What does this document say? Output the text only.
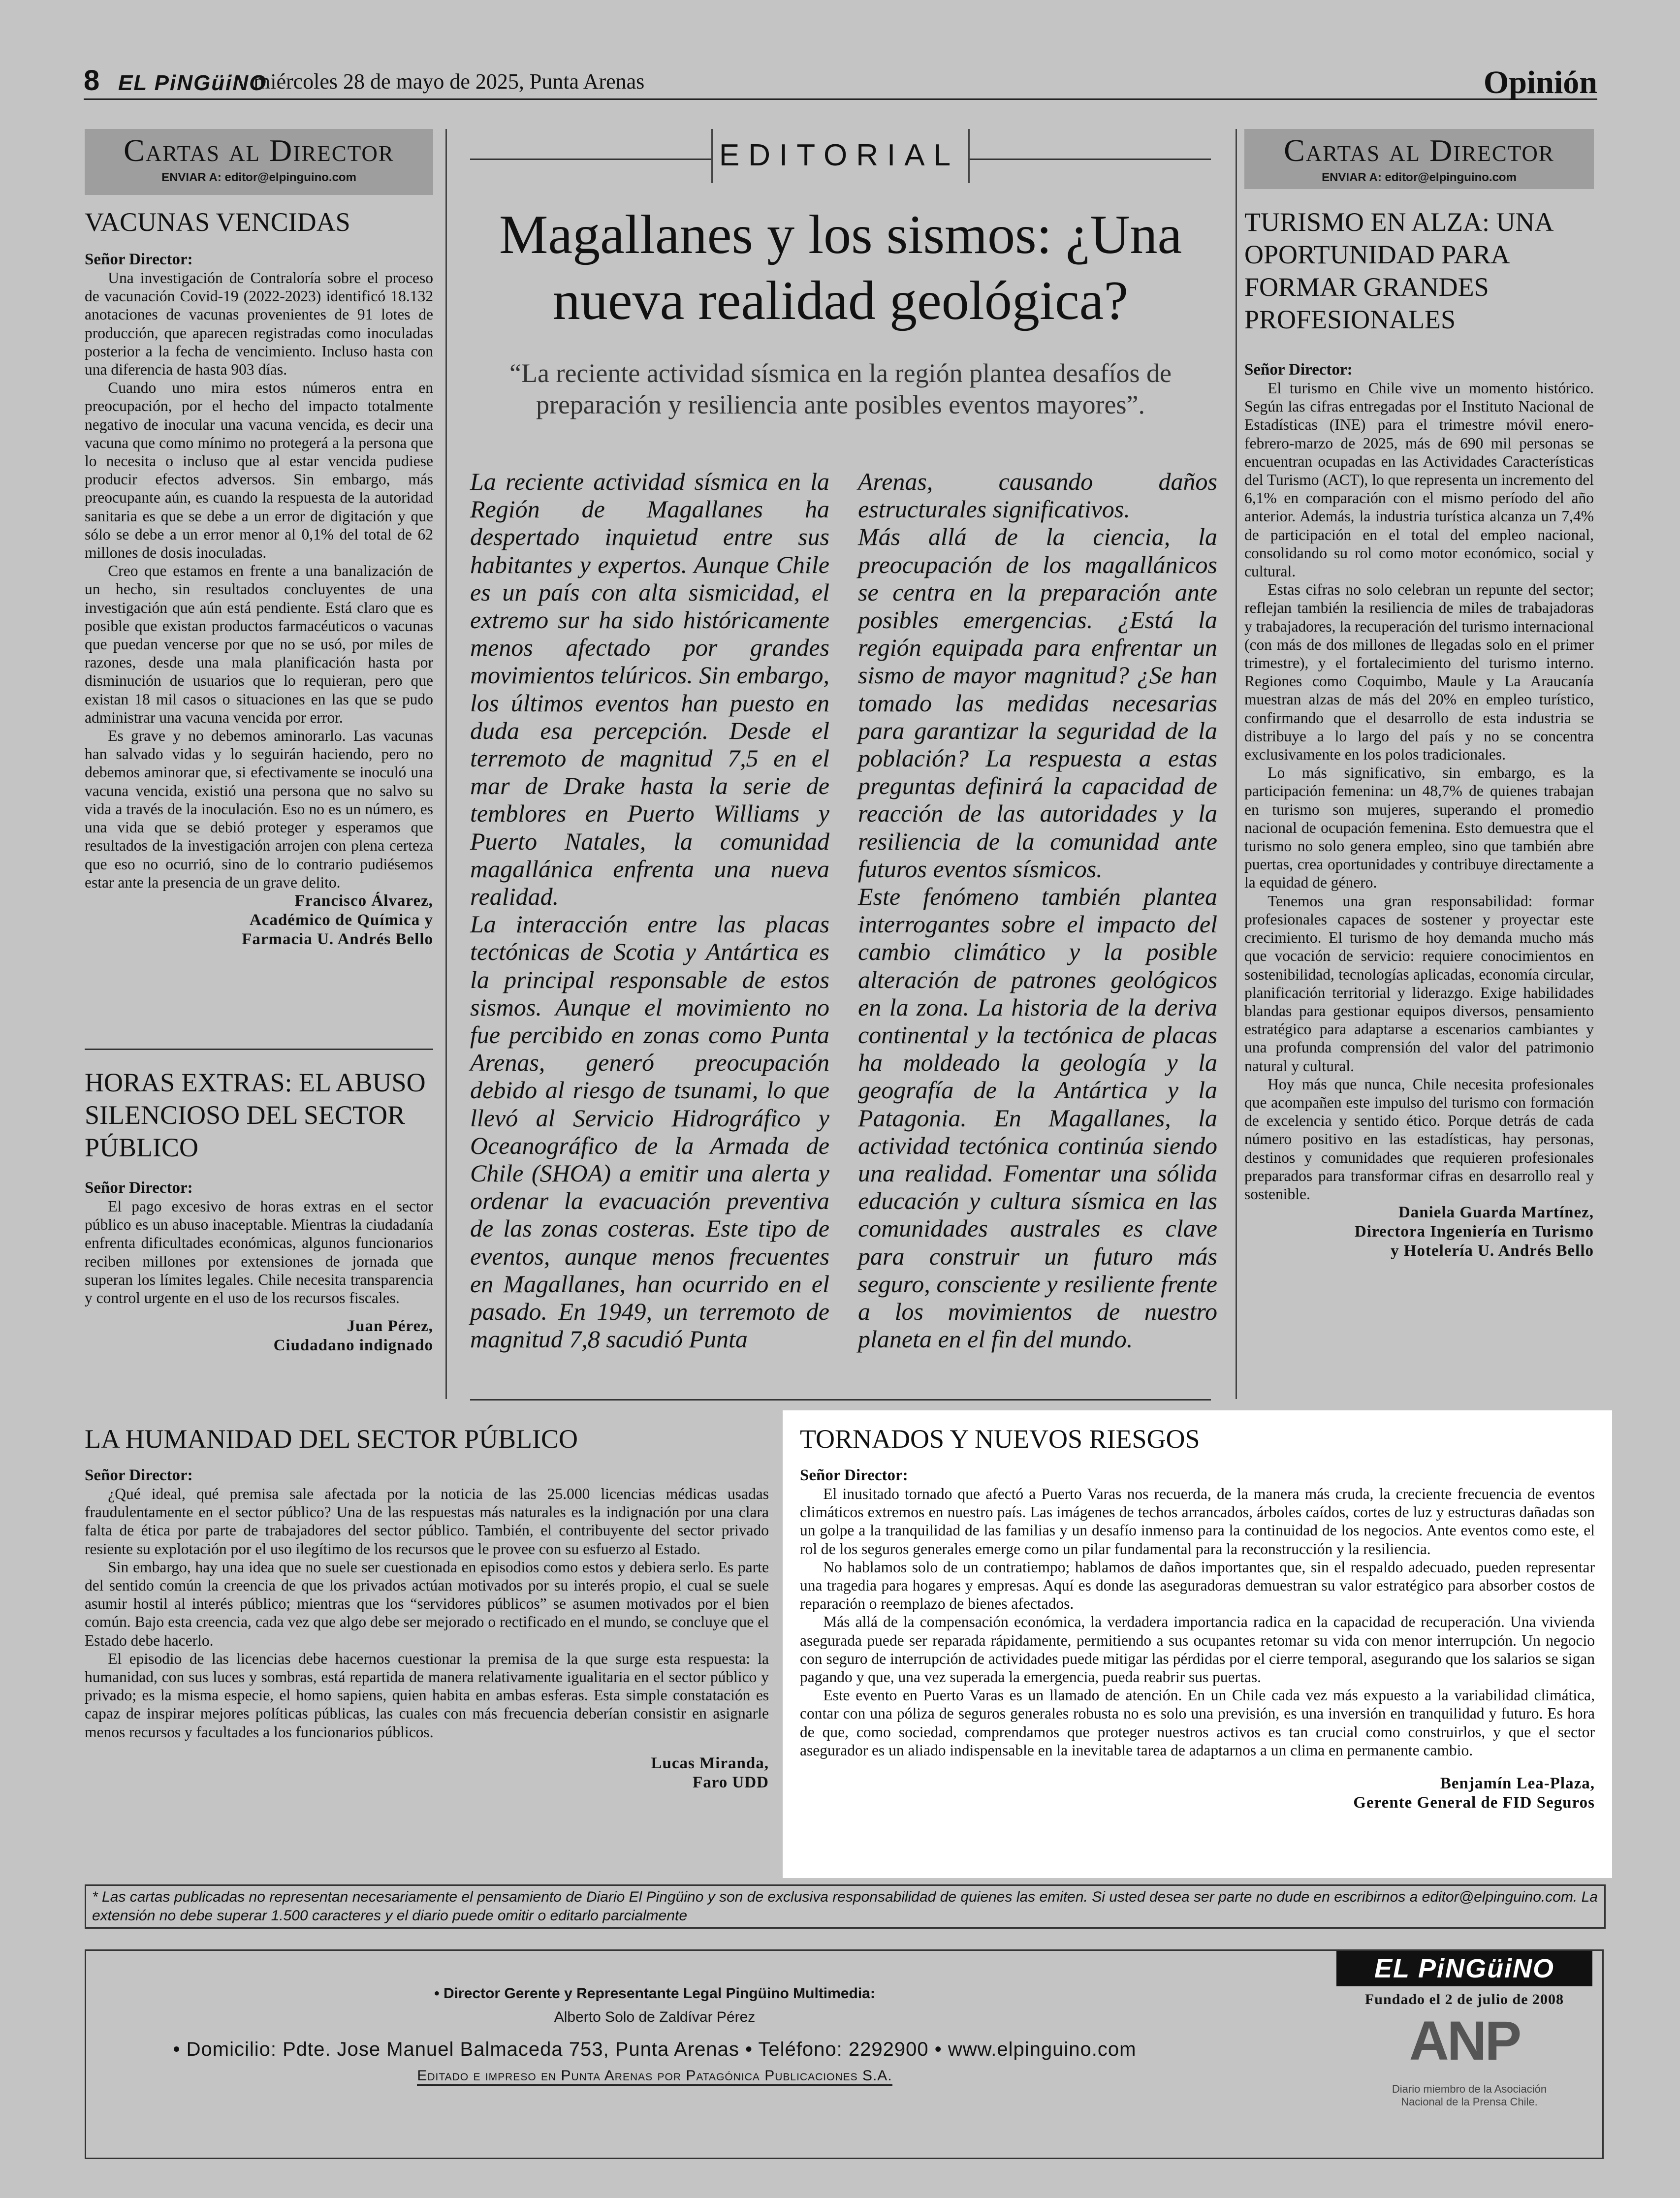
8 EL PiNGüiNO
miércoles 28 de mayo de 2025, Punta Arenas	Opinión
Cartas al Director
ENVIAR A: editor@elpinguino.com
VACUNAS VENCIDAS
Señor Director:

Una investigación de Contraloría sobre el proceso de vacunación Covid-19 (2022-2023) identificó 18.132 anotaciones de vacunas provenientes de 91 lotes de producción, que aparecen registradas como inoculadas posterior a la fecha de vencimiento. Incluso hasta con una diferencia de hasta 903 días.

Cuando uno mira estos números entra en preocupación, por el hecho del impacto totalmente negativo de inocular una vacuna vencida, es decir una vacuna que como mínimo no protegerá a la persona que lo necesita o incluso que al estar vencida pudiese producir efectos adversos. Sin embargo, más preocupante aún, es cuando la respuesta de la autoridad sanitaria es que se debe a un error de digitación y que sólo se debe a un error menor al 0,1% del total de 62 millones de dosis inoculadas.

Creo que estamos en frente a una banalización de un hecho, sin resultados concluyentes de una investigación que aún está pendiente. Está claro que es posible que existan productos farmacéuticos o vacunas que puedan vencerse por que no se usó, por miles de razones, desde una mala planificación hasta por disminución de usuarios que lo requieran, pero que existan 18 mil casos o situaciones en las que se pudo administrar una vacuna vencida por error.

Es grave y no debemos aminorarlo. Las vacunas han salvado vidas y lo seguirán haciendo, pero no debemos aminorar que, si efectivamente se inoculó una vacuna vencida, existió una persona que no salvo su vida a través de la inoculación. Eso no es un número, es una vida que se debió proteger y esperamos que resultados de la investigación arrojen con plena certeza que eso no ocurrió, sino de lo contrario pudiésemos estar ante la presencia de un grave delito.

Francisco Álvarez,
Académico de Química y
Farmacia U. Andrés Bello
HORAS EXTRAS: EL ABUSO SILENCIOSO DEL SECTOR PÚBLICO
Señor Director:

El pago excesivo de horas extras en el sector público es un abuso inaceptable. Mientras la ciudadanía enfrenta dificultades económicas, algunos funcionarios reciben millones por extensiones de jornada que superan los límites legales. Chile necesita transparencia y control urgente en el uso de los recursos fiscales.

Juan Pérez,
Ciudadano indignado
EDITORIAL
Magallanes y los sismos: ¿Una nueva realidad geológica?
“La reciente actividad sísmica en la región plantea desafíos de preparación y resiliencia ante posibles eventos mayores”.

La reciente actividad sísmica en la Región de Magallanes ha despertado inquietud entre sus habitantes y expertos. Aunque Chile es un país con alta sismicidad, el extremo sur ha sido históricamente menos afectado por grandes movimientos telúricos. Sin embargo, los últimos eventos han puesto en duda esa percepción. Desde el terremoto de magnitud 7,5 en el mar de Drake hasta la serie de temblores en Puerto Williams y Puerto Natales, la comunidad magallánica enfrenta una nueva realidad.

La interacción entre las placas tectónicas de Scotia y Antártica es la principal responsable de estos sismos. Aunque el movimiento no fue percibido en zonas como Punta Arenas, generó preocupación debido al riesgo de tsunami, lo que llevó al Servicio Hidrográfico y Oceanográfico de la Armada de Chile (SHOA) a emitir una alerta y ordenar la evacuación preventiva de las zonas costeras. Este tipo de eventos, aunque menos frecuentes en Magallanes, han ocurrido en el pasado. En 1949, un terremoto de magnitud 7,8 sacudió Punta

Arenas, causando daños estructurales significativos.

Más allá de la ciencia, la preocupación de los magallánicos se centra en la preparación ante posibles emergencias. ¿Está la región equipada para enfrentar un sismo de mayor magnitud? ¿Se han tomado las medidas necesarias para garantizar la seguridad de la población? La respuesta a estas preguntas definirá la capacidad de reacción de las autoridades y la resiliencia de la comunidad ante futuros eventos sísmicos.

Este fenómeno también plantea interrogantes sobre el impacto del cambio climático y la posible alteración de patrones geológicos en la zona. La historia de la deriva continental y la tectónica de placas ha moldeado la geología y la geografía de la Antártica y la Patagonia. En Magallanes, la actividad tectónica continúa siendo una realidad. Fomentar una sólida educación y cultura sísmica en las comunidades australes es clave para construir un futuro más seguro, consciente y resiliente frente a los movimientos de nuestro planeta en el fin del mundo.

Cartas al Director
ENVIAR A: editor@elpinguino.com
TURISMO EN ALZA: UNA OPORTUNIDAD PARA FORMAR GRANDES PROFESIONALES
Señor Director:

El turismo en Chile vive un momento histórico. Según las cifras entregadas por el Instituto Nacional de Estadísticas (INE) para el trimestre móvil enero-febrero-marzo de 2025, más de 690 mil personas se encuentran ocupadas en las Actividades Características del Turismo (ACT), lo que representa un incremento del 6,1% en comparación con el mismo período del año anterior. Además, la industria turística alcanza un 7,4% de participación en el total del empleo nacional, consolidando su rol como motor económico, social y cultural.

Estas cifras no solo celebran un repunte del sector; reflejan también la resiliencia de miles de trabajadoras y trabajadores, la recuperación del turismo internacional (con más de dos millones de llegadas solo en el primer trimestre), y el fortalecimiento del turismo interno. Regiones como Coquimbo, Maule y La Araucanía muestran alzas de más del 20% en empleo turístico, confirmando que el desarrollo de esta industria se distribuye a lo largo del país y no se concentra exclusivamente en los polos tradicionales.

Lo más significativo, sin embargo, es la participación femenina: un 48,7% de quienes trabajan en turismo son mujeres, superando el promedio nacional de ocupación femenina. Esto demuestra que el turismo no solo genera empleo, sino que también abre puertas, crea oportunidades y contribuye directamente a la equidad de género.

Tenemos una gran responsabilidad: formar profesionales capaces de sostener y proyectar este crecimiento. El turismo de hoy demanda mucho más que vocación de servicio: requiere conocimientos en sostenibilidad, tecnologías aplicadas, economía circular, planificación territorial y liderazgo. Exige habilidades blandas para gestionar equipos diversos, pensamiento estratégico para adaptarse a escenarios cambiantes y una profunda comprensión del valor del patrimonio natural y cultural.

Hoy más que nunca, Chile necesita profesionales que acompañen este impulso del turismo con formación de excelencia y sentido ético. Porque detrás de cada número positivo en las estadísticas, hay personas, destinos y comunidades que requieren profesionales preparados para transformar cifras en desarrollo real y sostenible.

Daniela Guarda Martínez,
Directora Ingeniería en Turismo
y Hotelería U. Andrés Bello
LA HUMANIDAD DEL SECTOR PÚBLICO
Señor Director:

¿Qué ideal, qué premisa sale afectada por la noticia de las 25.000 licencias médicas usadas fraudulentamente en el sector público? Una de las respuestas más naturales es la indignación por una clara falta de ética por parte de trabajadores del sector público. También, el contribuyente del sector privado resiente su explotación por el uso ilegítimo de los recursos que le provee con su esfuerzo al Estado.

Sin embargo, hay una idea que no suele ser cuestionada en episodios como estos y debiera serlo. Es parte del sentido común la creencia de que los privados actúan motivados por su interés propio, el cual se suele asumir hostil al interés público; mientras que los “servidores públicos” se asumen motivados por el bien común. Bajo esta creencia, cada vez que algo debe ser mejorado o rectificado en el mundo, se concluye que el Estado debe hacerlo.

El episodio de las licencias debe hacernos cuestionar la premisa de la que surge esta respuesta: la humanidad, con sus luces y sombras, está repartida de manera relativamente igualitaria en el sector público y privado; es la misma especie, el homo sapiens, quien habita en ambas esferas. Esta simple constatación es capaz de inspirar mejores políticas públicas, las cuales con más frecuencia deberían consistir en asignarle menos recursos y facultades a los funcionarios públicos.

Lucas Miranda,
Faro UDD
TORNADOS Y NUEVOS RIESGOS
Señor Director:

El inusitado tornado que afectó a Puerto Varas nos recuerda, de la manera más cruda, la creciente frecuencia de eventos climáticos extremos en nuestro país. Las imágenes de techos arrancados, árboles caídos, cortes de luz y estructuras dañadas son un golpe a la tranquilidad de las familias y un desafío inmenso para la continuidad de los negocios. Ante eventos como este, el rol de los seguros generales emerge como un pilar fundamental para la reconstrucción y la resiliencia.

No hablamos solo de un contratiempo; hablamos de daños importantes que, sin el respaldo adecuado, pueden representar una tragedia para hogares y empresas. Aquí es donde las aseguradoras demuestran su valor estratégico para absorber costos de reparación o reemplazo de bienes afectados.

Más allá de la compensación económica, la verdadera importancia radica en la capacidad de recuperación. Una vivienda asegurada puede ser reparada rápidamente, permitiendo a sus ocupantes retomar su vida con menor interrupción. Un negocio con seguro de interrupción de actividades puede mitigar las pérdidas por el cierre temporal, asegurando que los salarios se sigan pagando y que, una vez superada la emergencia, pueda reabrir sus puertas.

Este evento en Puerto Varas es un llamado de atención. En un Chile cada vez más expuesto a la variabilidad climática, contar con una póliza de seguros generales robusta no es solo una previsión, es una inversión en tranquilidad y futuro. Es hora de que, como sociedad, comprendamos que proteger nuestros activos es tan crucial como construirlos, y que el sector asegurador es un aliado indispensable en la inevitable tarea de adaptarnos a un clima en permanente cambio.

Benjamín Lea-Plaza,
Gerente General de FID Seguros
* Las cartas publicadas no representan necesariamente el pensamiento de Diario El Pingüino y son de exclusiva responsabilidad de quienes las emiten. Si usted desea ser parte no dude en escribirnos a editor@elpinguino.com. La extensión no debe superar 1.500 caracteres y el diario puede omitir o editarlo parcialmente
• Director Gerente y Representante Legal Pingüino Multimedia:
Alberto Solo de Zaldívar Pérez
• Domicilio: Pdte. Jose Manuel Balmaceda 753, Punta Arenas • Teléfono: 2292900 • www.elpinguino.com
Editado e impreso en Punta Arenas por Patagónica Publicaciones S.A.
EL PiNGüiNO
Fundado el 2 de julio de 2008
ANP
Diario miembro de la Asociación Nacional de la Prensa Chile.
